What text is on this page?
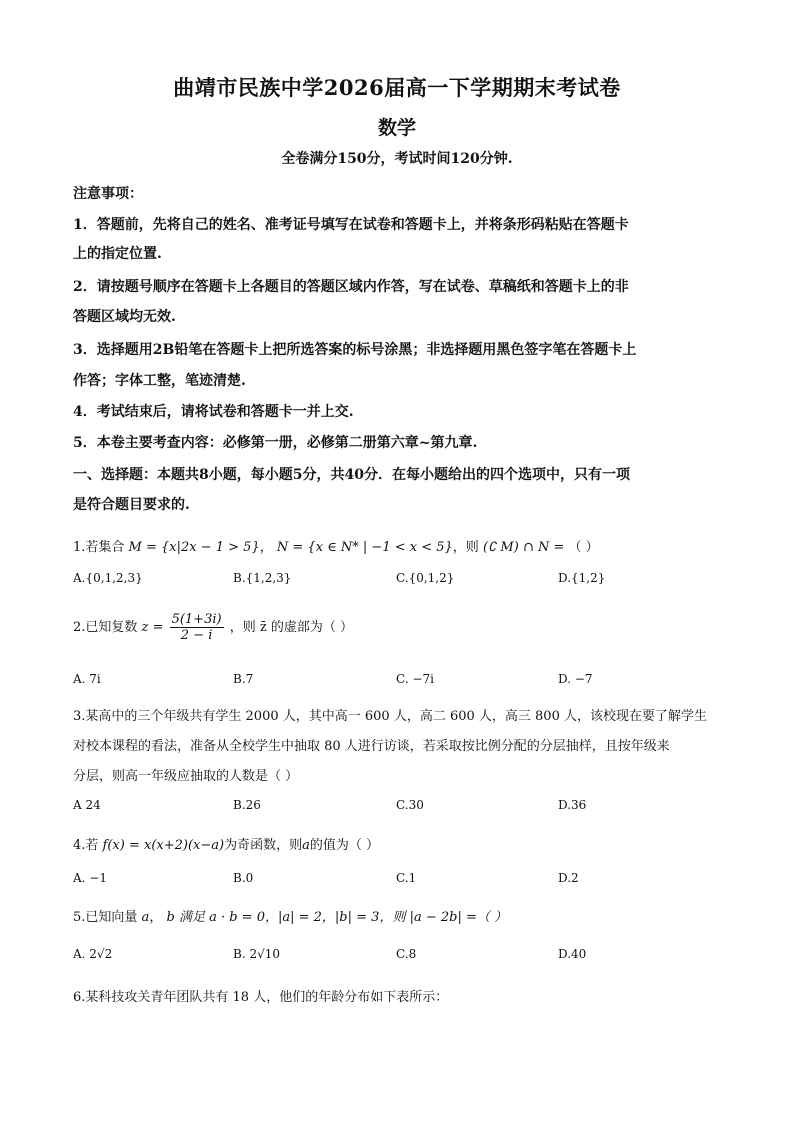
曲靖市民族中学2026届高一下学期期末考试卷
数学
全卷满分150分，考试时间120分钟.
注意事项：
1．答题前，先将自己的姓名、准考证号填写在试卷和答题卡上，并将条形码粘贴在答题卡
上的指定位置.
2．请按题号顺序在答题卡上各题目的答题区域内作答，写在试卷、草稿纸和答题卡上的非
答题区域均无效.
3．选择题用2B铅笔在答题卡上把所选答案的标号涂黑；非选择题用黑色签字笔在答题卡上
作答；字体工整，笔迹清楚.
4．考试结束后，请将试卷和答题卡一并上交.
5．本卷主要考查内容：必修第一册，必修第二册第六章~第九章.
一、选择题：本题共8小题，每小题5分，共40分．在每小题给出的四个选项中，只有一项
是符合题目要求的.
1.若集合 M = {x|2x − 1 > 5}， N = {x ∈ N* | −1 < x < 5}，则 (∁ M) ∩ N = （ ）
A.{0,1,2,3}	B.{1,2,3}	C.{0,1,2}	D.{1,2}
2.已知复数 $z = \frac{5(1+3i)}{2 - i}$ ，则 z̄ 的虚部为（ ）
A. 7i	B.7	C. −7i	D. −7
3.某高中的三个年级共有学生 2000 人，其中高一 600 人，高二 600 人，高三 800 人，该校现在要了解学生
对校本课程的看法，准备从全校学生中抽取 80 人进行访谈，若采取按比例分配的分层抽样，且按年级来
分层，则高一年级应抽取的人数是（ ）
A 24	B.26	C.30	D.36
4.若 f(x) = x(x+2)(x−a)为奇函数，则a的值为（ ）
A. −1	B.0	C.1	D.2
5.已知向量 a， b 满足 a · b = 0，|a| = 2，|b| = 3，则 |a − 2b| =（ ）
A. 2√2	B. 2√10	C.8	D.40
6.某科技攻关青年团队共有 18 人，他们的年龄分布如下表所示：
